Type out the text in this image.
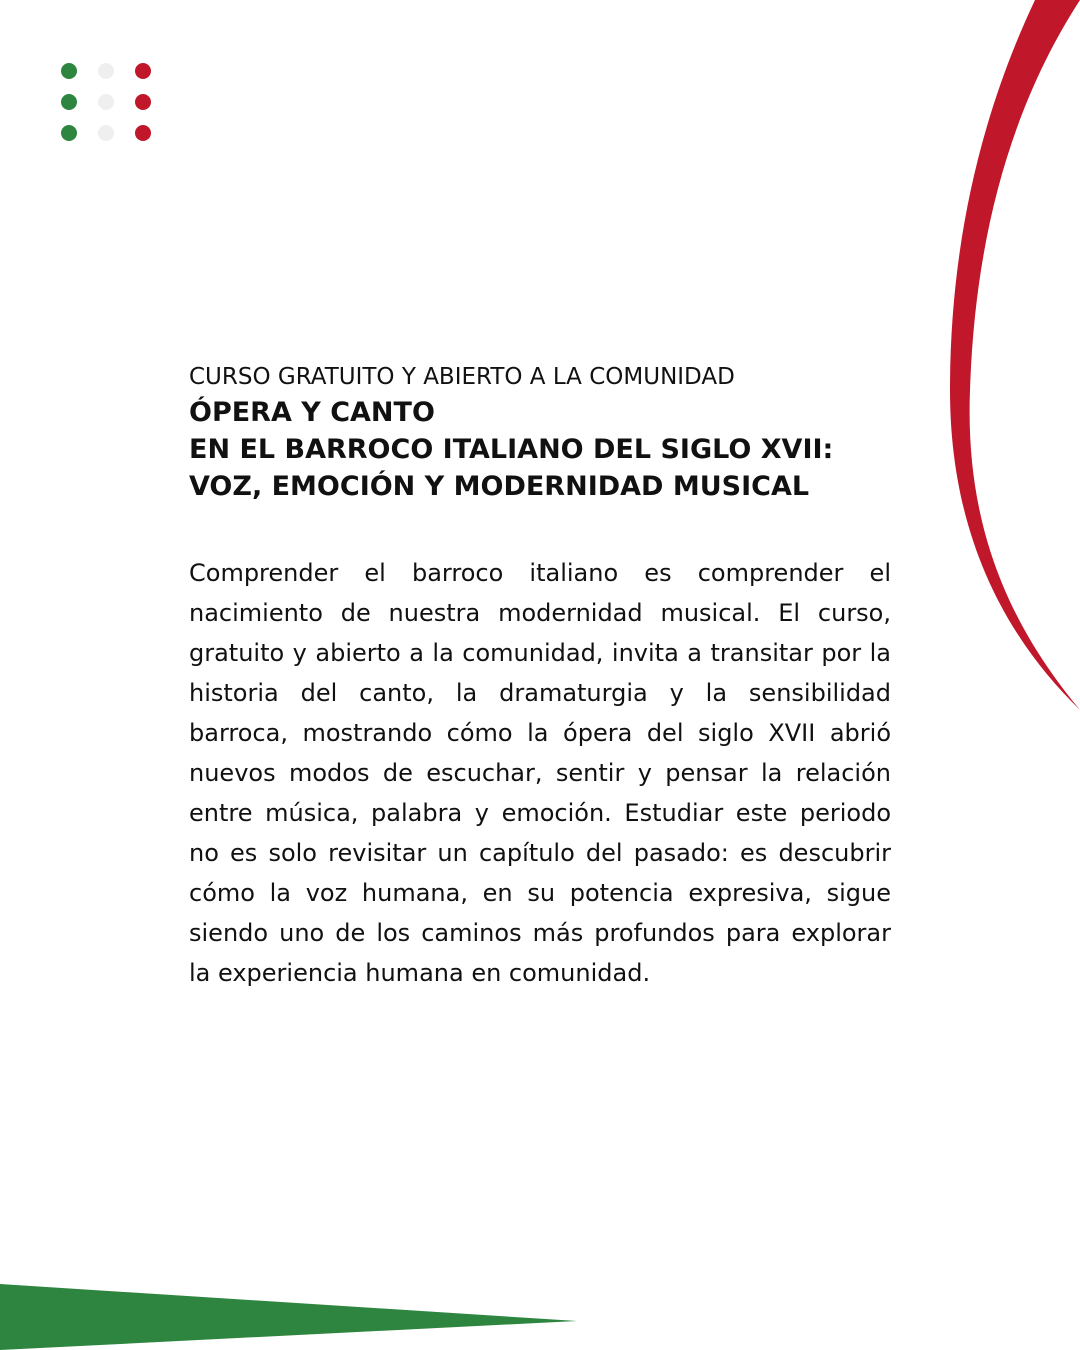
CURSO GRATUITO Y ABIERTO A LA COMUNIDAD

ÓPERA Y CANTO
EN EL BARROCO ITALIANO DEL SIGLO XVII:
VOZ, EMOCIÓN Y MODERNIDAD MUSICAL

Comprender el barroco italiano es comprender el nacimiento de nuestra modernidad musical. El curso, gratuito y abierto a la comunidad, invita a transitar por la historia del canto, la dramaturgia y la sensibilidad barroca, mostrando cómo la ópera del siglo XVII abrió nuevos modos de escuchar, sentir y pensar la relación entre música, palabra y emoción. Estudiar este periodo no es solo revisitar un capítulo del pasado: es descubrir cómo la voz humana, en su potencia expresiva, sigue siendo uno de los caminos más profundos para explorar la experiencia humana en comunidad.
